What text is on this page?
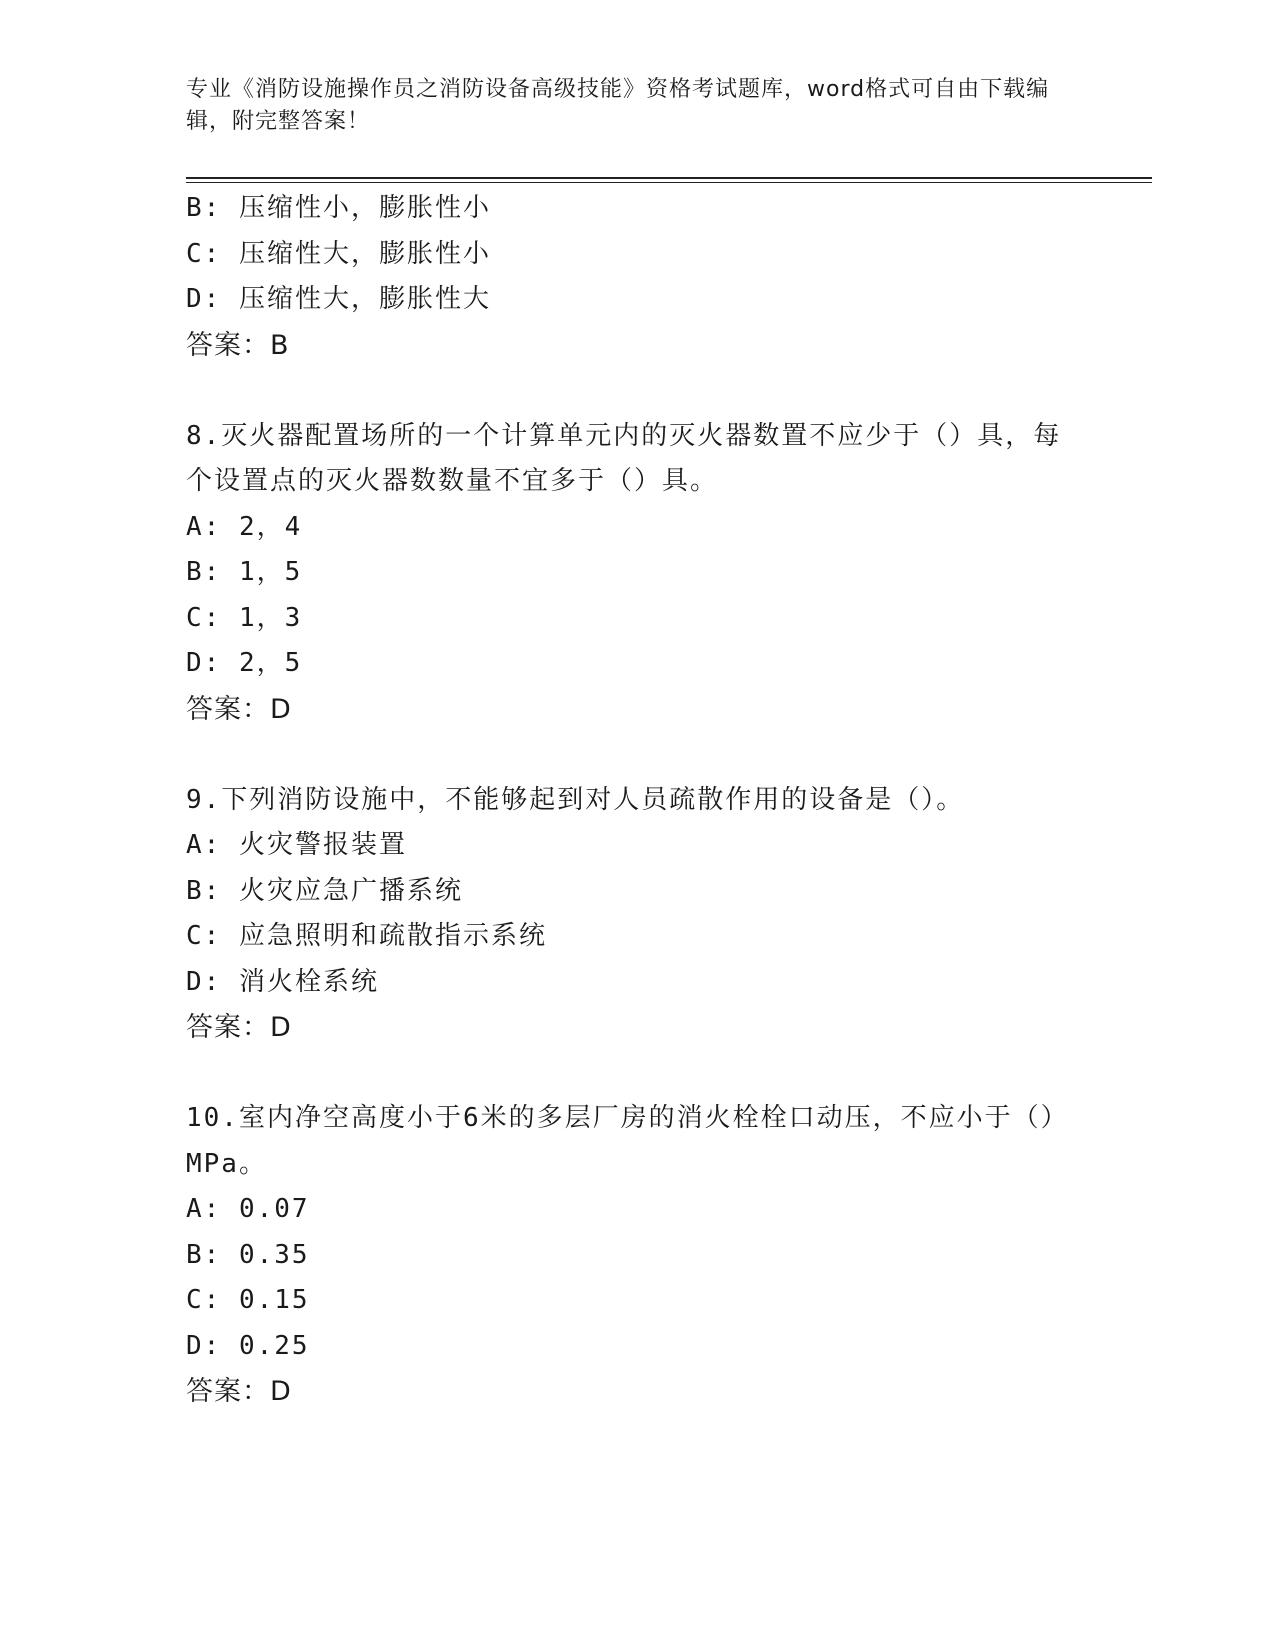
专业《消防设施操作员之消防设备高级技能》资格考试题库，word格式可自由下载编辑，附完整答案！
B: 压缩性小，膨胀性小
C: 压缩性大，膨胀性小
D: 压缩性大，膨胀性大
答案：B
8.灭火器配置场所的一个计算单元内的灭火器数置不应少于（）具，每个设置点的灭火器数数量不宜多于（）具。
A: 2，4
B: 1，5
C: 1，3
D: 2，5
答案：D
9.下列消防设施中，不能够起到对人员疏散作用的设备是（）。
A: 火灾警报装置
B: 火灾应急广播系统
C: 应急照明和疏散指示系统
D: 消火栓系统
答案：D
10.室内净空高度小于6米的多层厂房的消火栓栓口动压，不应小于（）MPa。
A: 0.07
B: 0.35
C: 0.15
D: 0.25
答案：D
